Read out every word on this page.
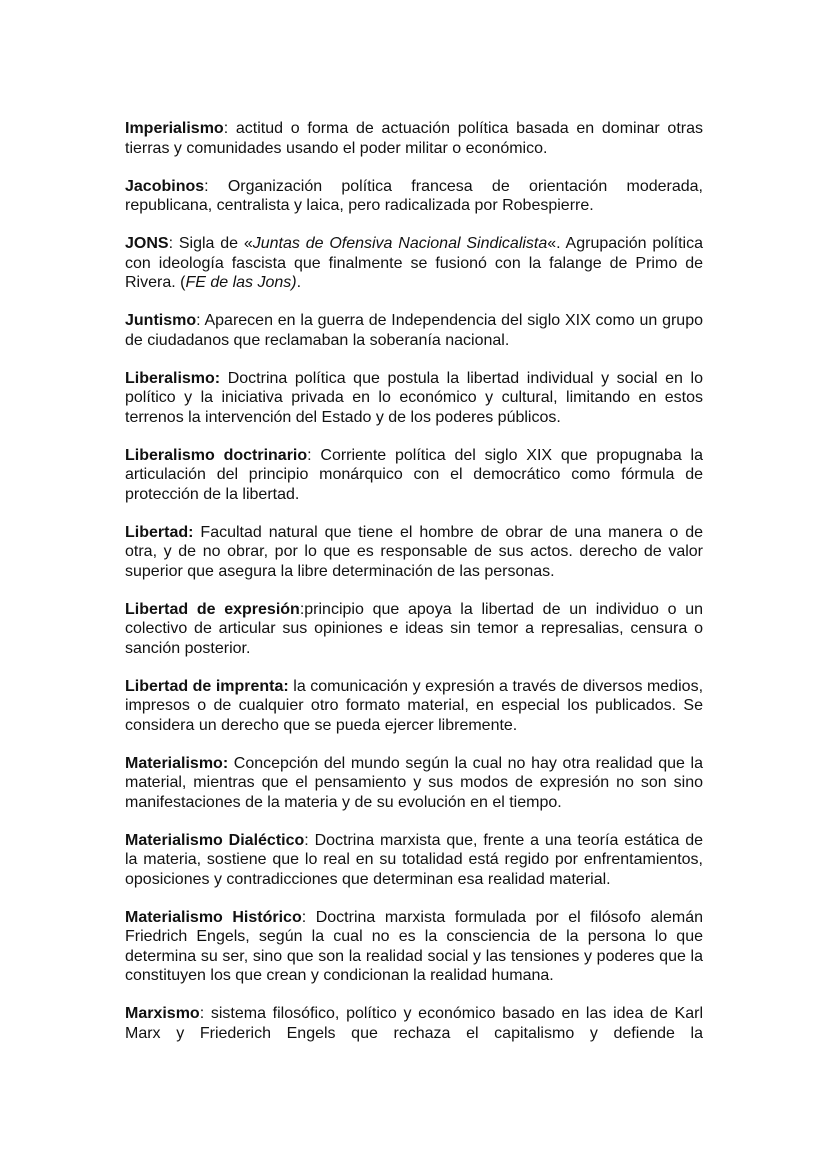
Imperialismo: actitud o forma de actuación política basada en dominar otras tierras y comunidades usando el poder militar o económico.

Jacobinos: Organización política francesa de orientación moderada, republicana, centralista y laica, pero radicalizada por Robespierre.

JONS: Sigla de «Juntas de Ofensiva Nacional Sindicalista«. Agrupación política con ideología fascista que finalmente se fusionó con la falange de Primo de Rivera. (FE de las Jons).

Juntismo: Aparecen en la guerra de Independencia del siglo XIX como un grupo de ciudadanos que reclamaban la soberanía nacional.

Liberalismo: Doctrina política que postula la libertad individual y social en lo político y la iniciativa privada en lo económico y cultural, limitando en estos terrenos la intervención del Estado y de los poderes públicos.

Liberalismo doctrinario: Corriente política del siglo XIX que propugnaba la articulación del principio monárquico con el democrático como fórmula de protección de la libertad.

Libertad: Facultad natural que tiene el hombre de obrar de una manera o de otra, y de no obrar, por lo que es responsable de sus actos. derecho de valor superior que asegura la libre determinación de las personas.

Libertad de expresión:principio que apoya la libertad de un individuo o un colectivo de articular sus opiniones e ideas sin temor a represalias, censura o sanción posterior.

Libertad de imprenta: la comunicación y expresión a través de diversos medios, impresos o de cualquier otro formato material, en especial los publicados. Se considera un derecho que se pueda ejercer libremente.

Materialismo: Concepción del mundo según la cual no hay otra realidad que la material, mientras que el pensamiento y sus modos de expresión no son sino manifestaciones de la materia y de su evolución en el tiempo.

Materialismo Dialéctico: Doctrina marxista que, frente a una teoría estática de la materia, sostiene que lo real en su totalidad está regido por enfrentamientos, oposiciones y contradicciones que determinan esa realidad material.

Materialismo Histórico: Doctrina marxista formulada por el filósofo alemán Friedrich Engels, según la cual no es la consciencia de la persona lo que determina su ser, sino que son la realidad social y las tensiones y poderes que la constituyen los que crean y condicionan la realidad humana.

Marxismo: sistema filosófico, político y económico basado en las idea de Karl Marx y Friederich Engels que rechaza el capitalismo y defiende la
